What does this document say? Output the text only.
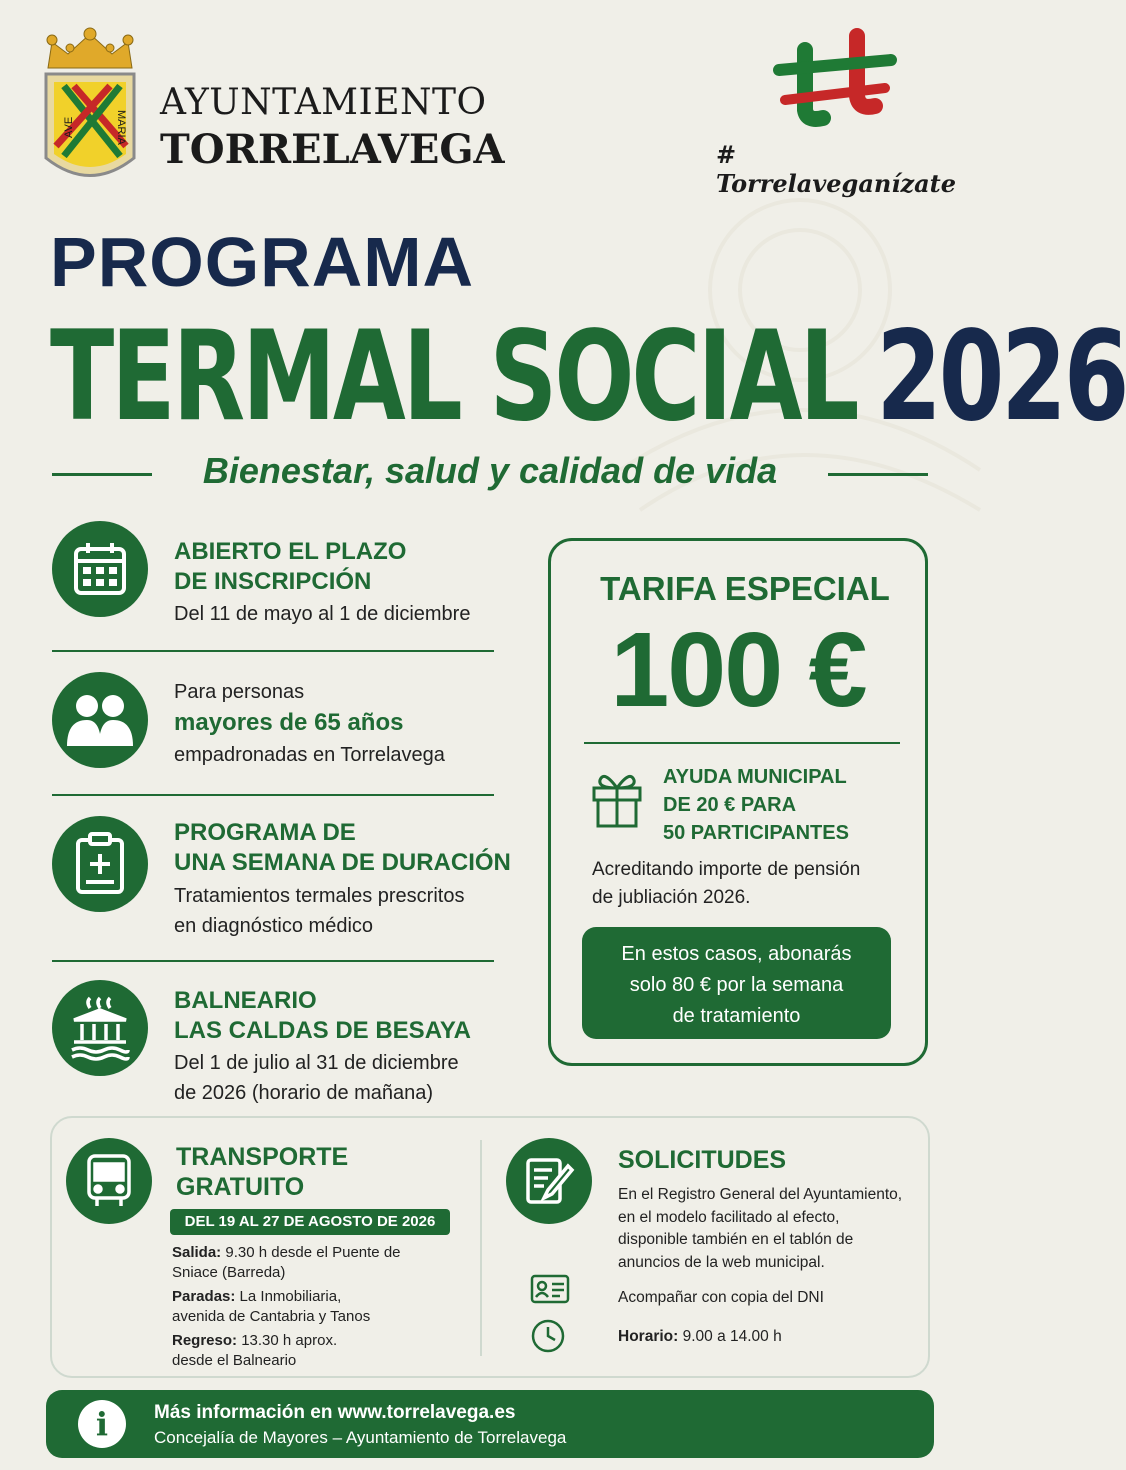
AVE	MARIA
AYUNTAMIENTO
TORRELAVEGA	# Torrelaveganízate
PROGRAMA
TERMAL SOCIAL 2026
Bienestar, salud y calidad de vida
ABIERTO EL PLAZO
DE INSCRIPCIÓN
Del 11 de mayo al 1 de diciembre
Para personas
mayores de 65 años
empadronadas en Torrelavega
PROGRAMA DE
UNA SEMANA DE DURACIÓN
Tratamientos termales prescritos
en diagnóstico médico
BALNEARIO
LAS CALDAS DE BESAYA
Del 1 de julio al 31 de diciembre
de 2026 (horario de mañana)
TARIFA ESPECIAL
100 €
AYUDA MUNICIPAL
DE 20 € PARA
50 PARTICIPANTES
Acreditando importe de pensión
de jubliación 2026.
En estos casos, abonarás
solo 80 € por la semana
de tratamiento
TRANSPORTE
GRATUITO
DEL 19 AL 27 DE AGOSTO DE 2026
Salida: 9.30 h desde el Puente de
Sniace (Barreda)
Paradas: La Inmobiliaria,
avenida de Cantabria y Tanos
Regreso: 13.30 h aprox.
desde el Balneario
SOLICITUDES
En el Registro General del Ayuntamiento,
en el modelo facilitado al efecto,
disponible también en el tablón de
anuncios de la web municipal.
Acompañar con copia del DNI
Horario: 9.00 a 14.00 h
i	Más información en www.torrelavega.es
Concejalía de Mayores – Ayuntamiento de Torrelavega
